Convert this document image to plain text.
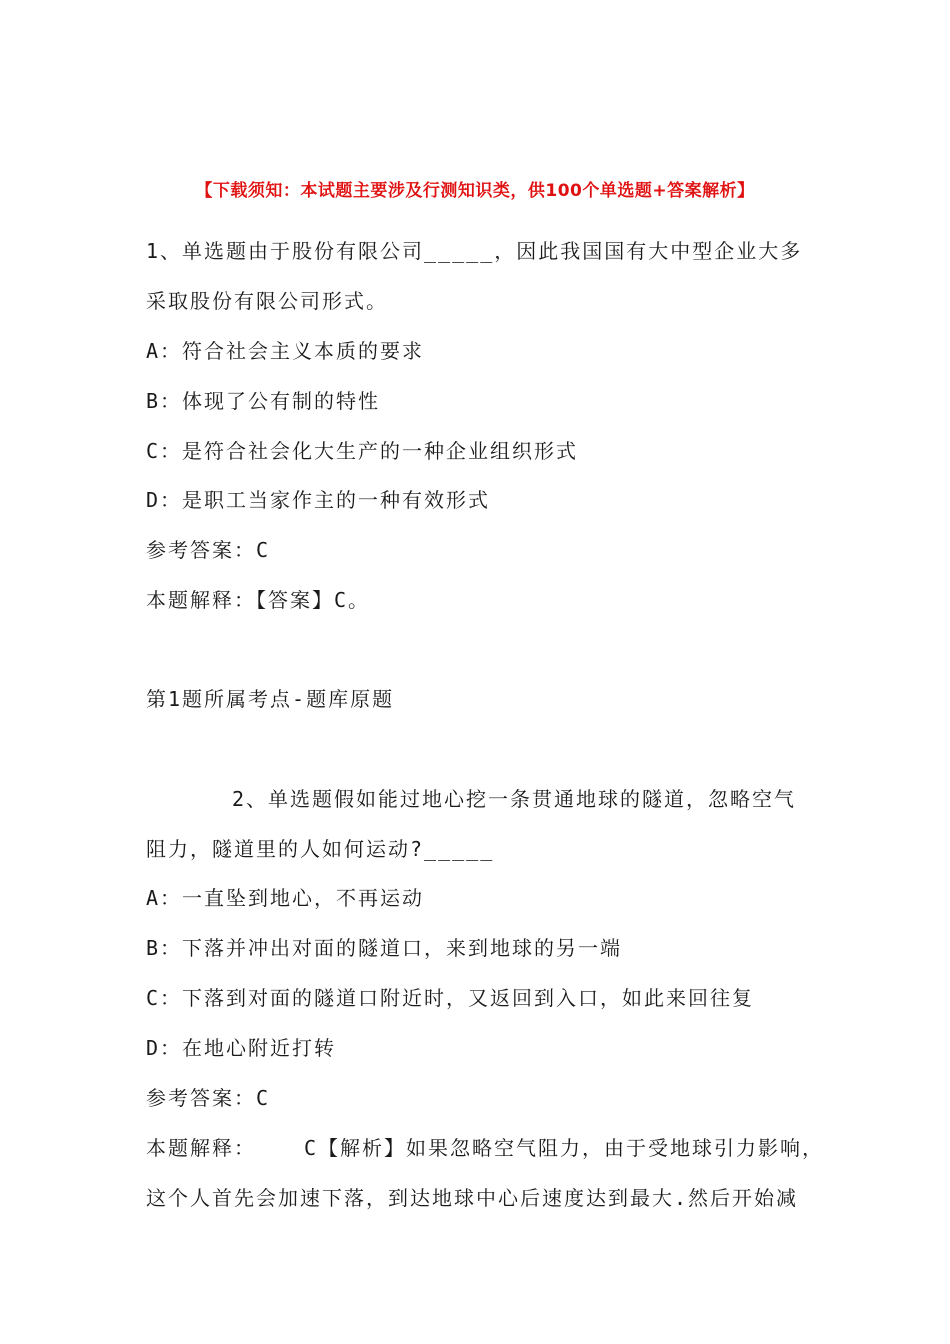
【下载须知：本试题主要涉及行测知识类，供100个单选题+答案解析】
1、单选题由于股份有限公司_____，因此我国国有大中型企业大多
采取股份有限公司形式。
A：符合社会主义本质的要求
B：体现了公有制的特性
C：是符合社会化大生产的一种企业组织形式
D：是职工当家作主的一种有效形式
参考答案：C
本题解释：【答案】C。
第1题所属考点-题库原题
2、单选题假如能过地心挖一条贯通地球的隧道，忽略空气
阻力，隧道里的人如何运动?_____
A：一直坠到地心，不再运动
B：下落并冲出对面的隧道口，来到地球的另一端
C：下落到对面的隧道口附近时，又返回到入口，如此来回往复
D：在地心附近打转
参考答案：C
本题解释： C【解析】如果忽略空气阻力，由于受地球引力影响，
这个人首先会加速下落，到达地球中心后速度达到最大.然后开始减
